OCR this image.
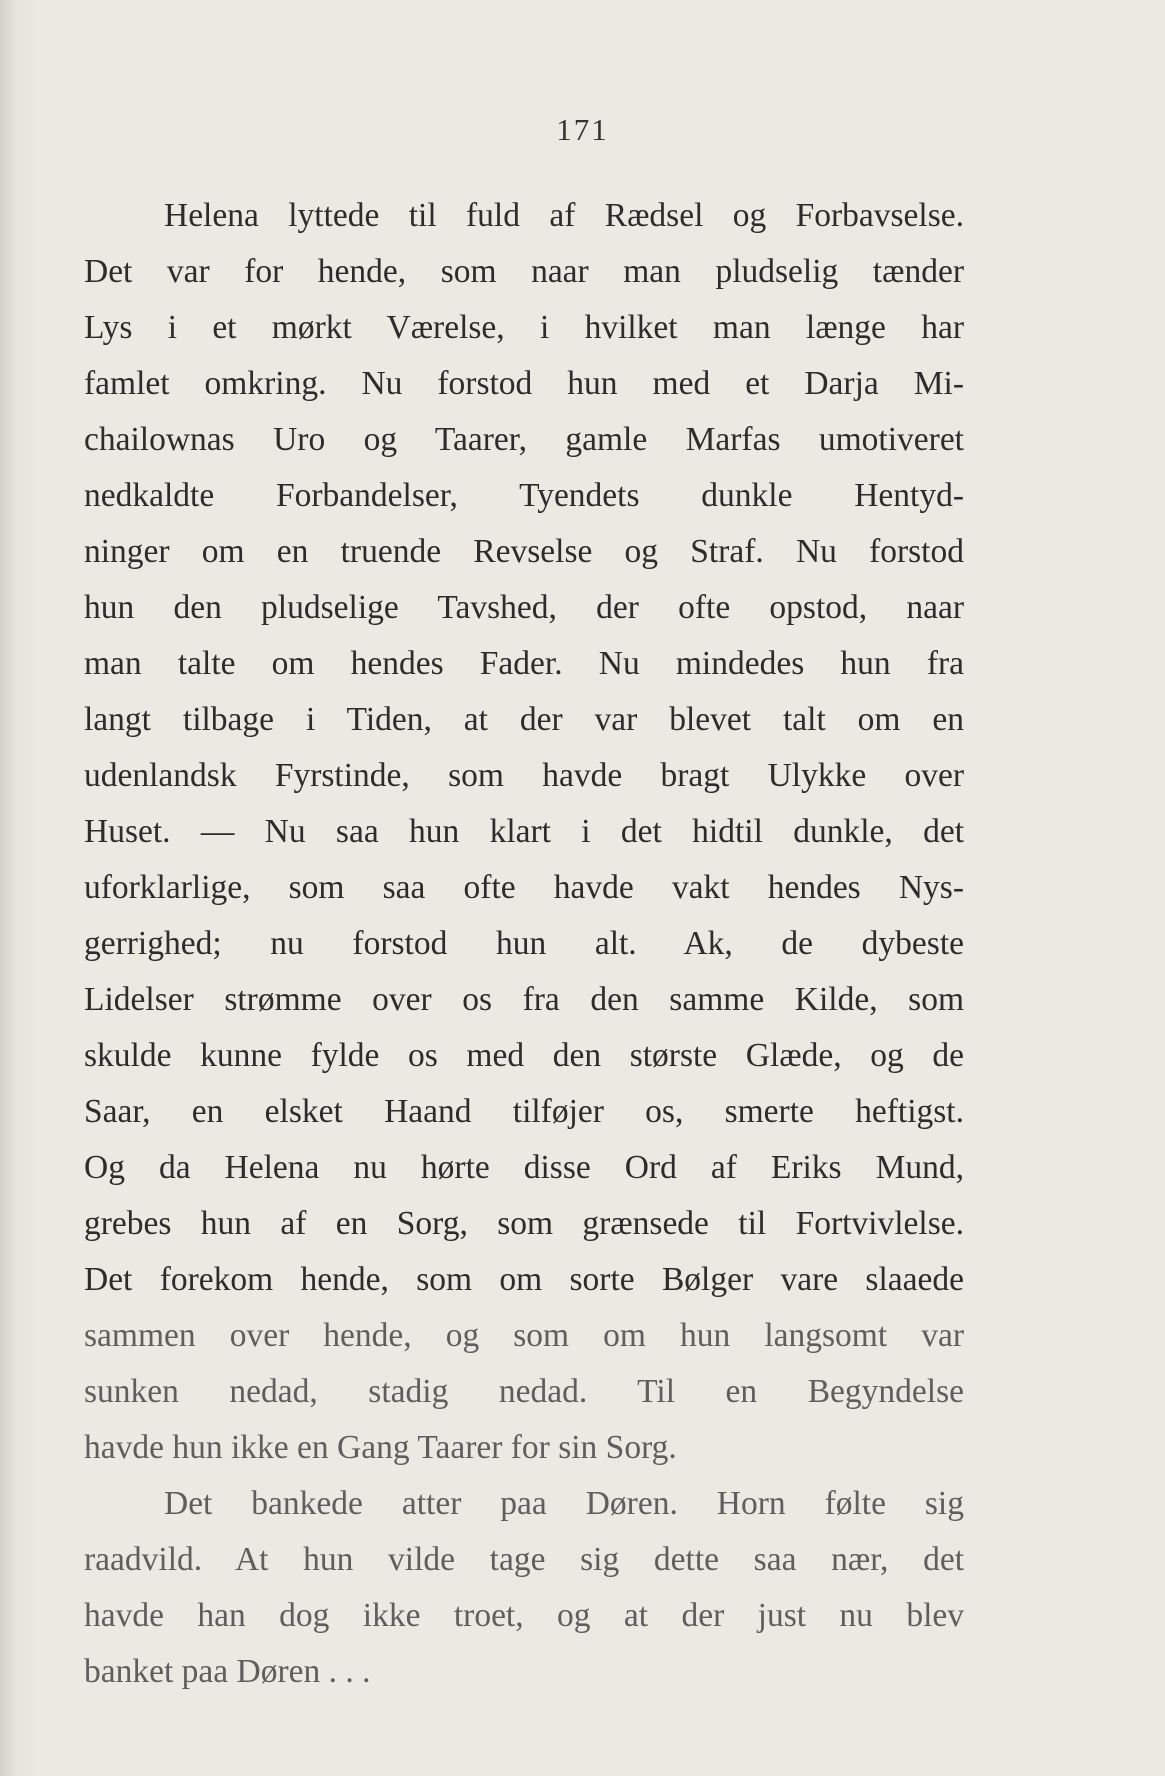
171
Helena lyttede til fuld af Rædsel og Forbavselse.
Det var for hende, som naar man pludselig tænder
Lys i et mørkt Værelse, i hvilket man længe har
famlet omkring. Nu forstod hun med et Darja Mi-
chailownas Uro og Taarer, gamle Marfas umotiveret
nedkaldte Forbandelser, Tyendets dunkle Hentyd-
ninger om en truende Revselse og Straf. Nu forstod
hun den pludselige Tavshed, der ofte opstod, naar
man talte om hendes Fader. Nu mindedes hun fra
langt tilbage i Tiden, at der var blevet talt om en
udenlandsk Fyrstinde, som havde bragt Ulykke over
Huset. — Nu saa hun klart i det hidtil dunkle, det
uforklarlige, som saa ofte havde vakt hendes Nys-
gerrighed; nu forstod hun alt. Ak, de dybeste
Lidelser strømme over os fra den samme Kilde, som
skulde kunne fylde os med den største Glæde, og de
Saar, en elsket Haand tilføjer os, smerte heftigst.
Og da Helena nu hørte disse Ord af Eriks Mund,
grebes hun af en Sorg, som grænsede til Fortvivlelse.
Det forekom hende, som om sorte Bølger vare slaaede
sammen over hende, og som om hun langsomt var
sunken nedad, stadig nedad. Til en Begyndelse
havde hun ikke en Gang Taarer for sin Sorg.
Det bankede atter paa Døren. Horn følte sig
raadvild. At hun vilde tage sig dette saa nær, det
havde han dog ikke troet, og at der just nu blev
banket paa Døren . . .
